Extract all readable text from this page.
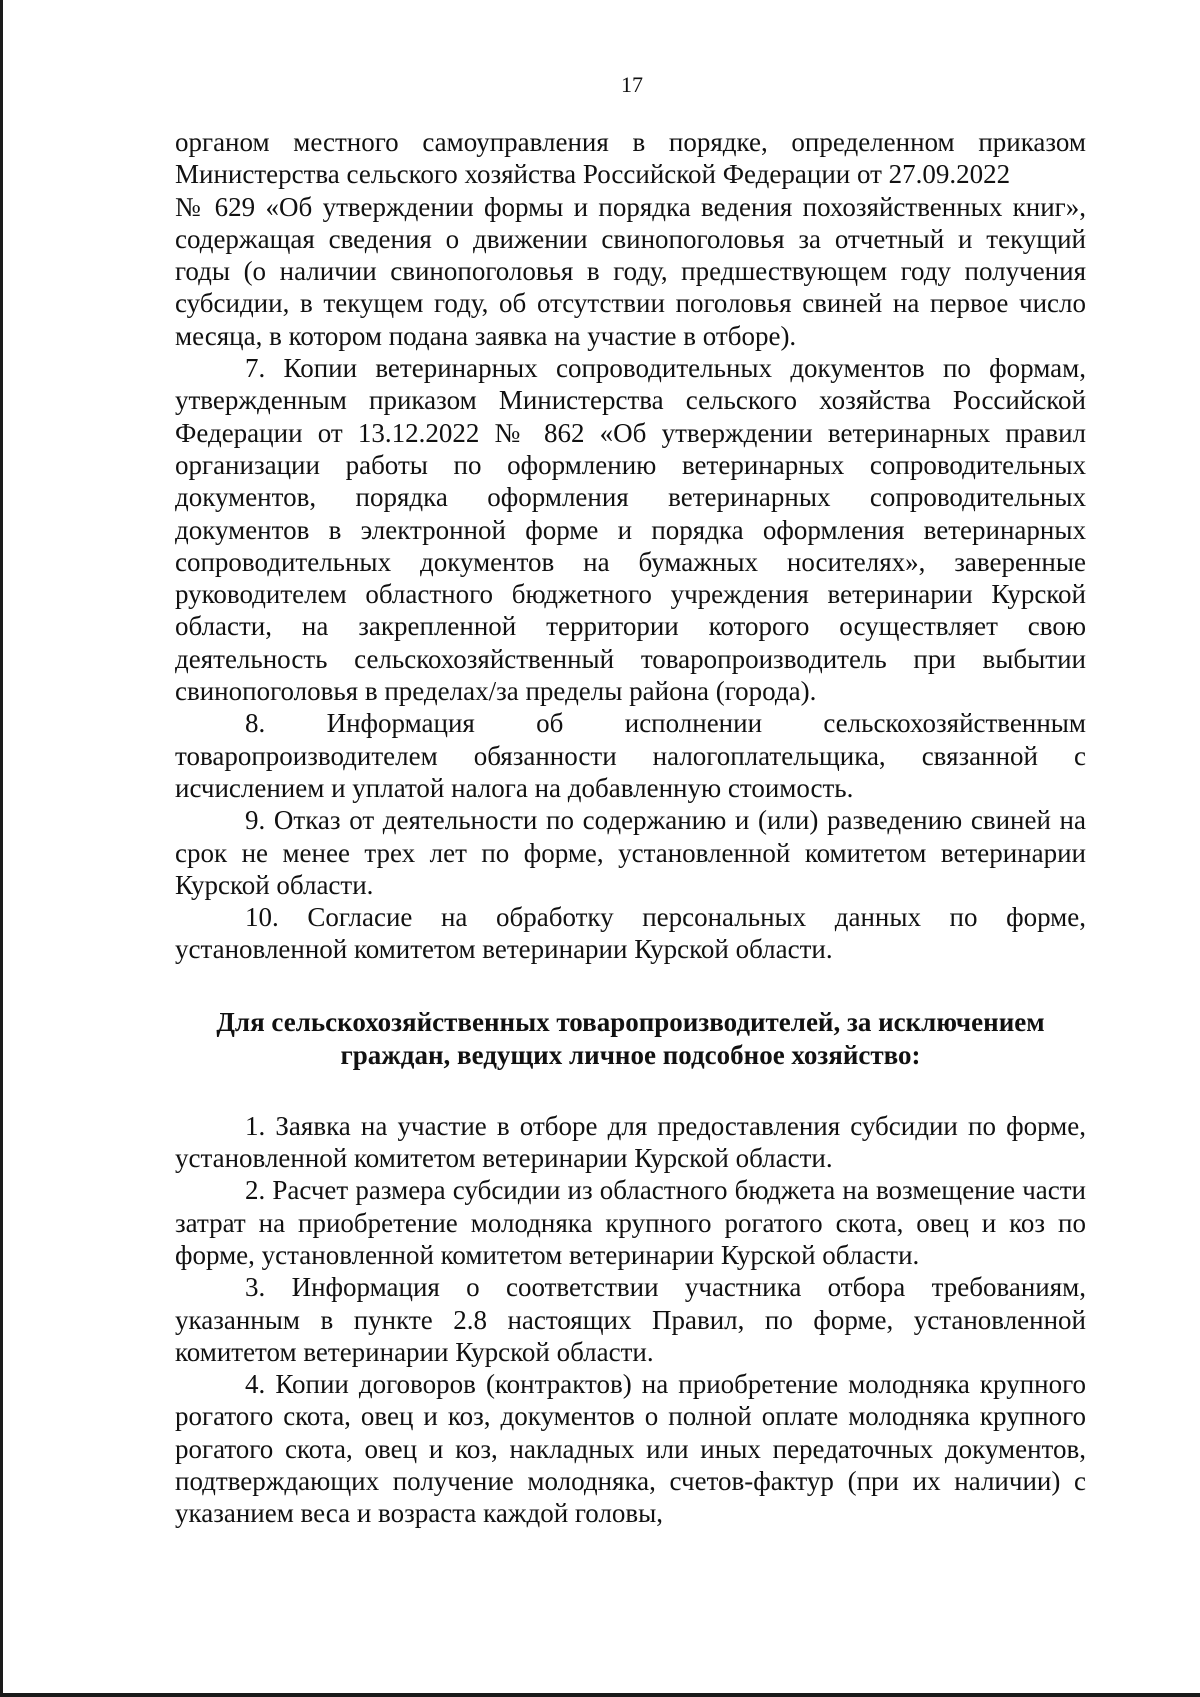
17

органом местного самоуправления в порядке, определенном приказом Министерства сельского хозяйства Российской Федерации от 27.09.2022

№ 629 «Об утверждении формы и порядка ведения похозяйственных книг», содержащая сведения о движении свинопоголовья за отчетный и текущий годы (о наличии свинопоголовья в году, предшествующем году получения субсидии, в текущем году, об отсутствии поголовья свиней на первое число месяца, в котором подана заявка на участие в отборе).

7. Копии ветеринарных сопроводительных документов по формам, утвержденным приказом Министерства сельского хозяйства Российской Федерации от 13.12.2022 № 862 «Об утверждении ветеринарных правил организации работы по оформлению ветеринарных сопроводительных документов, порядка оформления ветеринарных сопроводительных документов в электронной форме и порядка оформления ветеринарных сопроводительных документов на бумажных носителях», заверенные руководителем областного бюджетного учреждения ветеринарии Курской области, на закрепленной территории которого осуществляет свою деятельность сельскохозяйственный товаропроизводитель при выбытии свинопоголовья в пределах/за пределы района (города).

8. Информация об исполнении сельскохозяйственным товаропроизводителем обязанности налогоплательщика, связанной с исчислением и уплатой налога на добавленную стоимость.

9. Отказ от деятельности по содержанию и (или) разведению свиней на срок не менее трех лет по форме, установленной комитетом ветеринарии Курской области.

10. Согласие на обработку персональных данных по форме, установленной комитетом ветеринарии Курской области.

Для сельскохозяйственных товаропроизводителей, за исключением граждан, ведущих личное подсобное хозяйство:

1. Заявка на участие в отборе для предоставления субсидии по форме, установленной комитетом ветеринарии Курской области.

2. Расчет размера субсидии из областного бюджета на возмещение части затрат на приобретение молодняка крупного рогатого скота, овец и коз по форме, установленной комитетом ветеринарии Курской области.

3. Информация о соответствии участника отбора требованиям, указанным в пункте 2.8 настоящих Правил, по форме, установленной комитетом ветеринарии Курской области.

4. Копии договоров (контрактов) на приобретение молодняка крупного рогатого скота, овец и коз, документов о полной оплате молодняка крупного рогатого скота, овец и коз, накладных или иных передаточных документов, подтверждающих получение молодняка, счетов-фактур (при их наличии) с указанием веса и возраста каждой головы,
